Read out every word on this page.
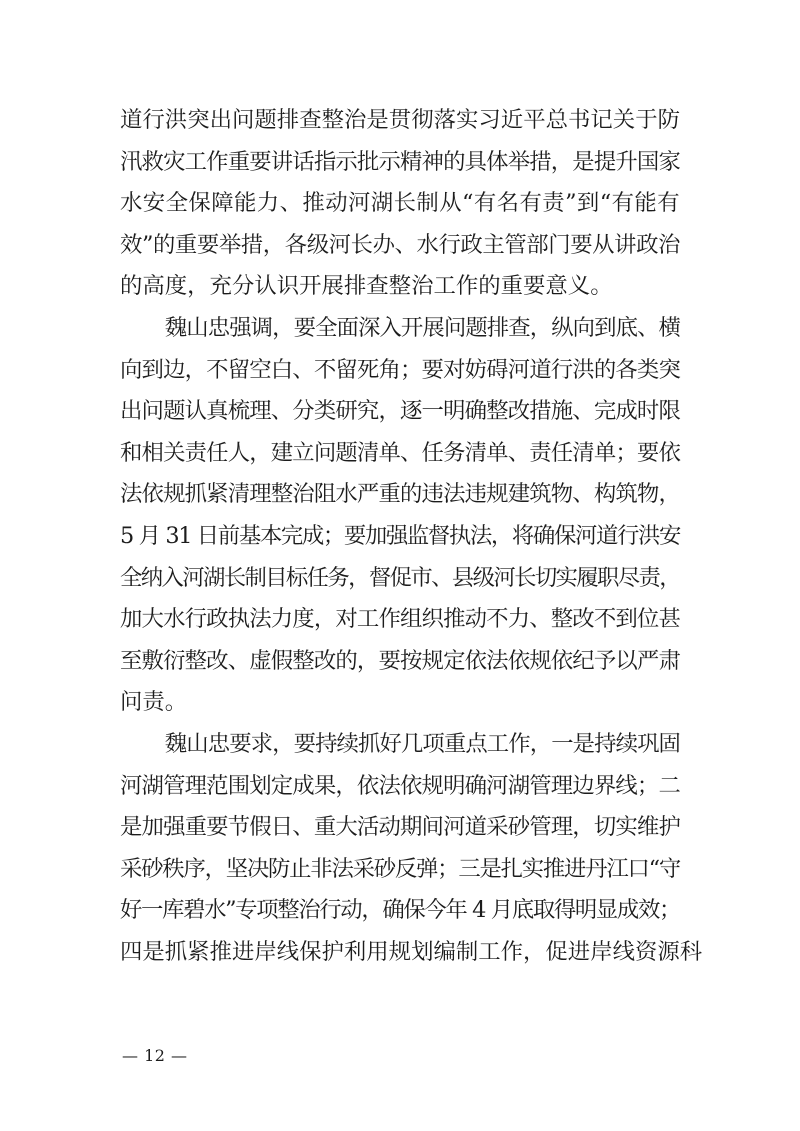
道行洪突出问题排查整治是贯彻落实习近平总书记关于防
汛救灾工作重要讲话指示批示精神的具体举措，是提升国家
水安全保障能力、推动河湖长制从“有名有责”到“有能有
效”的重要举措，各级河长办、水行政主管部门要从讲政治
的高度，充分认识开展排查整治工作的重要意义。
魏山忠强调，要全面深入开展问题排查，纵向到底、横
向到边，不留空白、不留死角；要对妨碍河道行洪的各类突
出问题认真梳理、分类研究，逐一明确整改措施、完成时限
和相关责任人，建立问题清单、任务清单、责任清单；要依
法依规抓紧清理整治阻水严重的违法违规建筑物、构筑物，
5 月 31 日前基本完成；要加强监督执法，将确保河道行洪安
全纳入河湖长制目标任务，督促市、县级河长切实履职尽责，
加大水行政执法力度，对工作组织推动不力、整改不到位甚
至敷衍整改、虚假整改的，要按规定依法依规依纪予以严肃
问责。
魏山忠要求，要持续抓好几项重点工作，一是持续巩固
河湖管理范围划定成果，依法依规明确河湖管理边界线；二
是加强重要节假日、重大活动期间河道采砂管理，切实维护
采砂秩序，坚决防止非法采砂反弹；三是扎实推进丹江口“守
好一库碧水”专项整治行动，确保今年 4 月底取得明显成效；
四是抓紧推进岸线保护利用规划编制工作，促进岸线资源科
— 12 —
